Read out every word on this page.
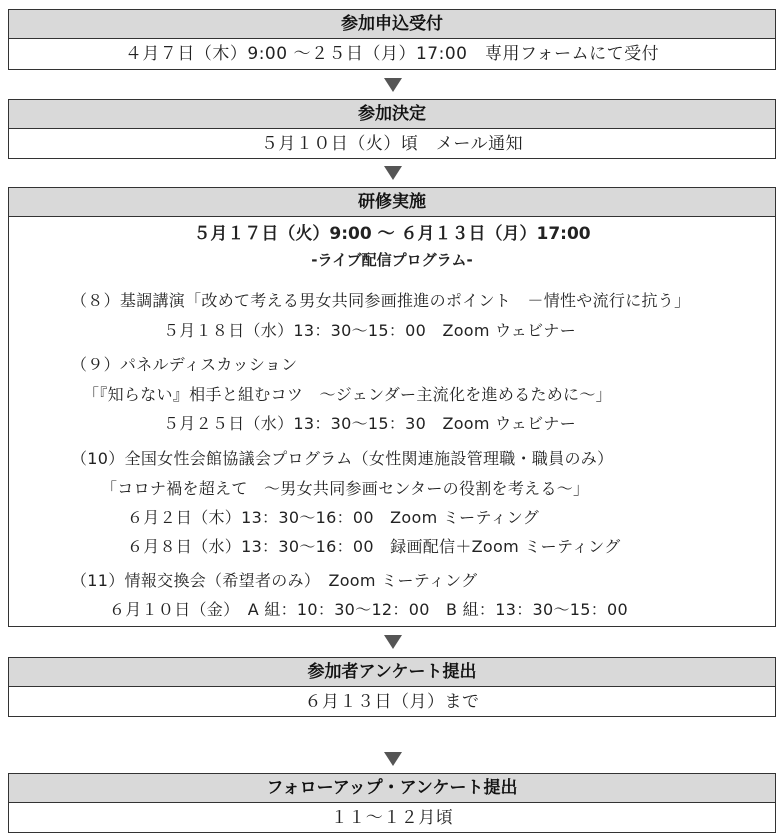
参加申込受付
４月７日（木）9:00 ～２５日（月）17:00　専用フォームにて受付
参加決定
５月１０日（火）頃　メール通知
研修実施
５月１７日（火）9:00 ～ ６月１３日（月）17:00
-ライブ配信プログラム-
（８）基調講演「改めて考える男女共同参画推進のポイント　－情性や流行に抗う」
５月１８日（水）13：30～15：00　Zoom ウェビナー
（９）パネルディスカッション
「『知らない』相手と組むコツ　～ジェンダー主流化を進めるために～」
５月２５日（水）13：30～15：30　Zoom ウェビナー
（10）全国女性会館協議会プログラム（女性関連施設管理職・職員のみ）
「コロナ禍を超えて　～男女共同参画センターの役割を考える～」
６月２日（木）13：30～16：00　Zoom ミーティング
６月８日（水）13：30～16：00　録画配信＋Zoom ミーティング
（11）情報交換会（希望者のみ）　Zoom ミーティング
６月１０日（金）　A 組：10：30～12：00　B 組：13：30～15：00
参加者アンケート提出
６月１３日（月）まで
フォローアップ・アンケート提出
１１～１２月頃
